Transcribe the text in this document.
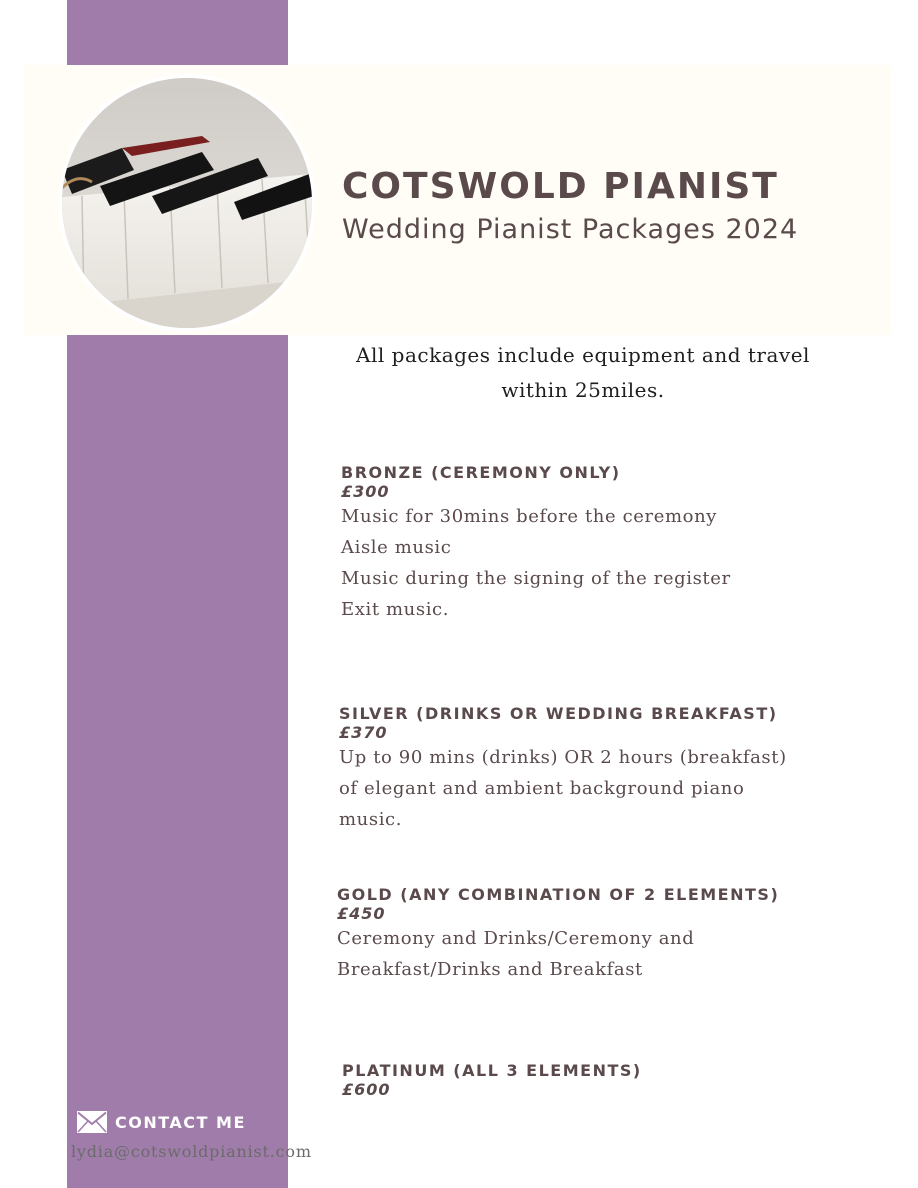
COTSWOLD PIANIST
Wedding Pianist Packages 2024
All packages include equipment and travel
within 25miles.
BRONZE (CEREMONY ONLY)
£300
Music for 30mins before the ceremony
Aisle music
Music during the signing of the register
Exit music.
SILVER (DRINKS OR WEDDING BREAKFAST)
£370
Up to 90 mins (drinks) OR 2 hours (breakfast)
of elegant and ambient background piano
music.
GOLD (ANY COMBINATION OF 2 ELEMENTS)
£450
Ceremony and Drinks/Ceremony and
Breakfast/Drinks and Breakfast
PLATINUM (ALL 3 ELEMENTS)
£600
CONTACT ME
lydia@cotswoldpianist.com
